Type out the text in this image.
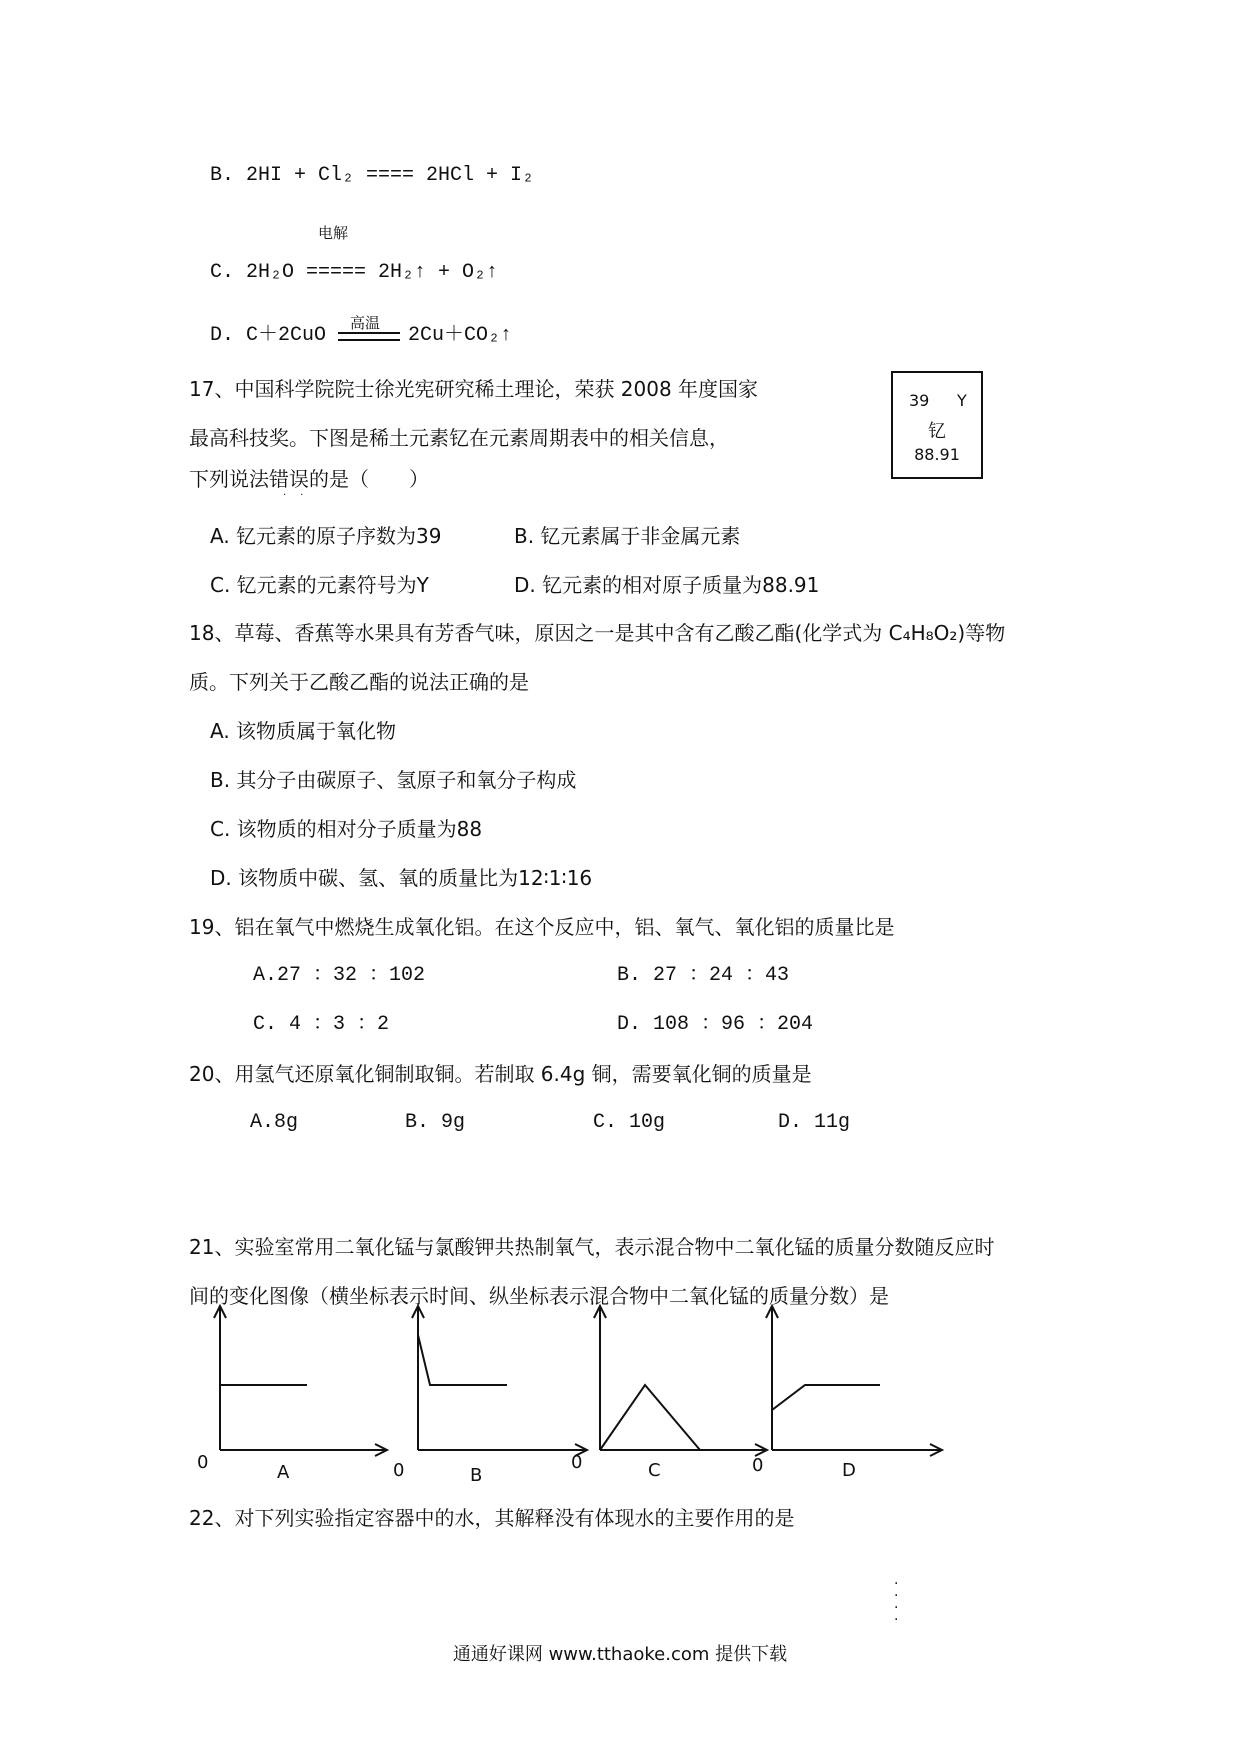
B. 2HI + Cl₂ ==== 2HCl + I₂
电解
C. 2H₂O ===== 2H₂↑ + O₂↑
D. C＋2CuO
高温
2Cu＋CO₂↑
17、中国科学院院士徐光宪研究稀土理论，荣获 2008 年度国家
最高科技奖。下图是稀土元素钇在元素周期表中的相关信息，
下列说法错误的是（　　）
··
39 Y
钇
88.91
A. 钇元素的原子序数为39	B. 钇元素属于非金属元素
C. 钇元素的元素符号为Y	D. 钇元素的相对原子质量为88.91
18、草莓、香蕉等水果具有芳香气味，原因之一是其中含有乙酸乙酯(化学式为 C₄H₈O₂)等物
质。下列关于乙酸乙酯的说法正确的是
A. 该物质属于氧化物
B. 其分子由碳原子、氢原子和氧分子构成
C. 该物质的相对分子质量为88
D. 该物质中碳、氢、氧的质量比为12∶1∶16
19、铝在氧气中燃烧生成氧化铝。在这个反应中，铝、氧气、氧化铝的质量比是
A.27 ：32 ：102	B. 27 ：24 ：43
C. 4 ：3 ：2	D. 108 ：96 ：204
20、用氢气还原氧化铜制取铜。若制取 6.4g 铜，需要氧化铜的质量是
A.8g	B. 9g	C. 10g	D. 11g
21、实验室常用二氧化锰与氯酸钾共热制氧气，表示混合物中二氧化锰的质量分数随反应时
间的变化图像（横坐标表示时间、纵坐标表示混合物中二氧化锰的质量分数）是
0	A	0	B
0	C	0	D
22、对下列实验指定容器中的水，其解释没有体现水的主要作用的是
·
·
·
·
通通好课网 www.tthaoke.com 提供下载
